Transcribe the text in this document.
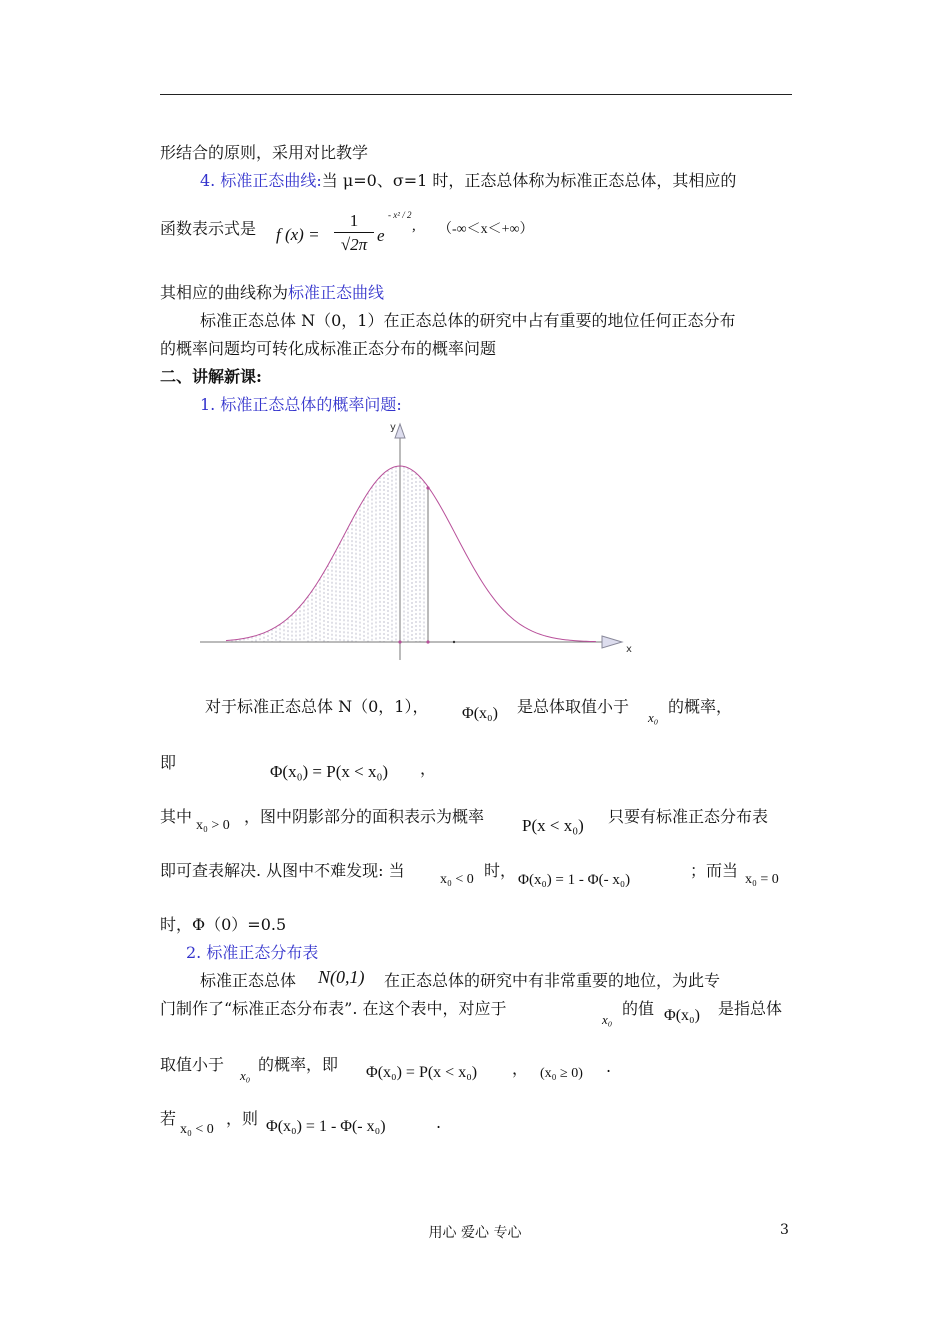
形结合的原则，采用对比教学
4. 标准正态曲线:当 μ=0、σ=1 时，正态总体称为标准正态总体，其相应的
函数表示式是 f $(x) = \frac{1}{√2\pi}$ e
- x² / 2
, （-∞＜x＜+∞）
其相应的曲线称为标准正态曲线
标准正态总体 N（0，1）在正态总体的研究中占有重要的地位任何正态分布
的概率问题均可转化成标准正态分布的概率问题
二、讲解新课:
1. 标准正态总体的概率问题:
y
x
对于标准正态总体 N（0，1）， Φ(x₀) 是总体取值小于
x₀
的概率，
即	Φ(x₀) = P(x < x₀) ，
其中 x₀ > 0 ，图中阴影部分的面积表示为概率 P(x < x₀) 只要有标准正态分布表
即可查表解决. 从图中不难发现: 当	x₀ < 0 时， Φ(x₀) = 1 - Φ(- x₀)	；而当 x₀ = 0
时，Φ（0）=0.5
2. 标准正态分布表
标准正态总体 N(0,1) 在正态总体的研究中有非常重要的地位，为此专
门制作了“标准正态分布表”. 在这个表中，对应于
x₀
的值 Φ(x₀) 是指总体
取值小于
x₀
的概率，即 Φ(x₀) = P(x < x₀) ， (x₀ ≥ 0) .
若
x₀ < 0
，则 Φ(x₀) = 1 - Φ(- x₀)	.
用心 爱心 专心	3
